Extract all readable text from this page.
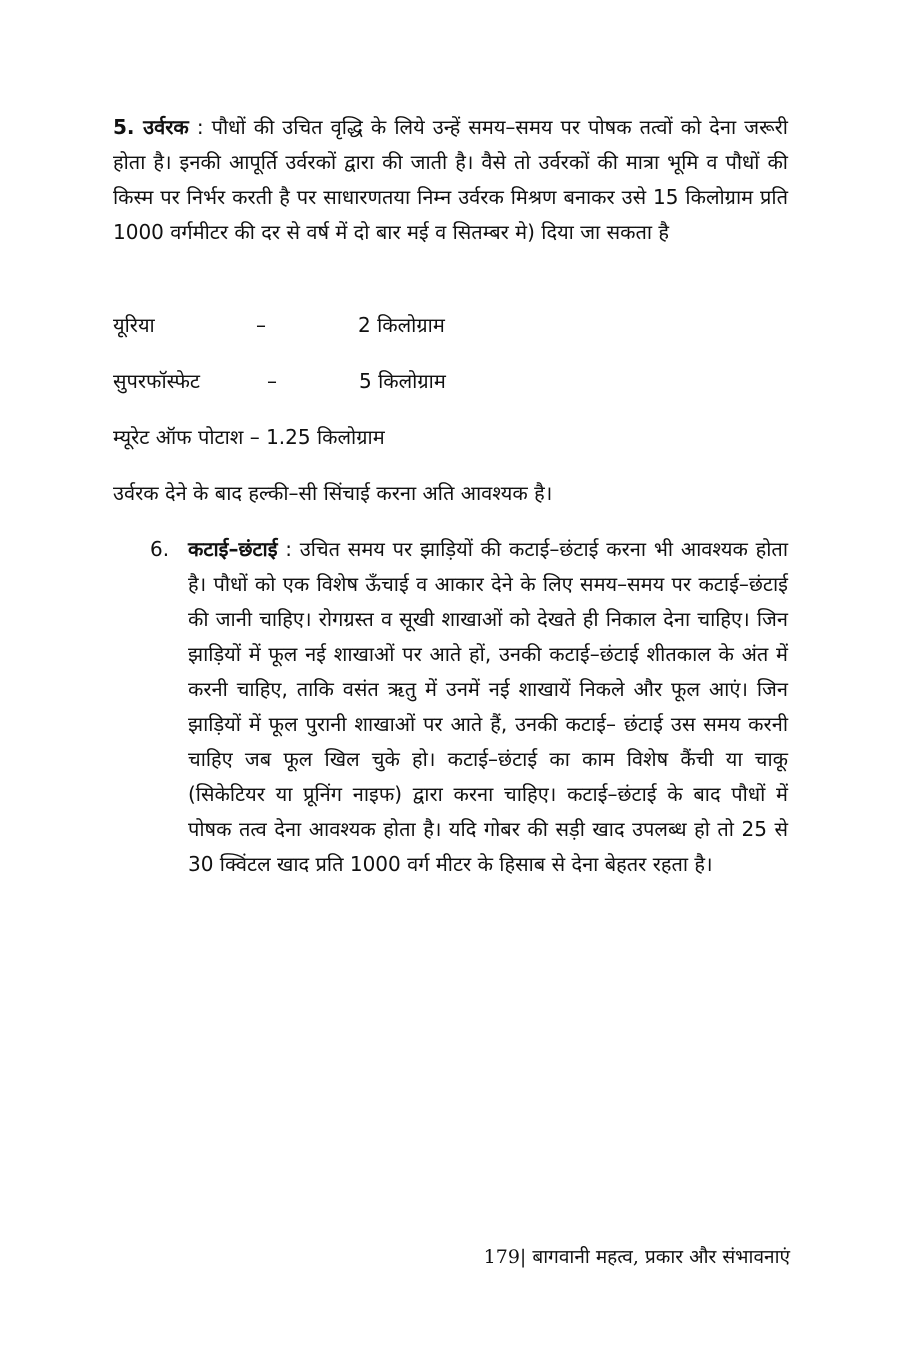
5. उर्वरक : पौधों की उचित वृद्धि के लिये उन्हें समय–समय पर पोषक तत्वों को देना जरूरी होता है। इनकी आपूर्ति उर्वरकों द्वारा की जाती है। वैसे तो उर्वरकों की मात्रा भूमि व पौधों की किस्म पर निर्भर करती है पर साधारणतया निम्न उर्वरक मिश्रण बनाकर उसे 15 किलोग्राम प्रति 1000 वर्गमीटर की दर से वर्ष में दो बार मई व सितम्बर मे) दिया जा सकता है

यूरिया	–	2 किलोग्राम
सुपरफॉस्फेट	–	5 किलोग्राम
म्यूरेट ऑफ पोटाश – 1.25 किलोग्राम

उर्वरक देने के बाद हल्की–सी सिंचाई करना अति आवश्यक है।

6. कटाई–छंटाई : उचित समय पर झाड़ियों की कटाई–छंटाई करना भी आवश्यक होता है। पौधों को एक विशेष ऊँचाई व आकार देने के लिए समय–समय पर कटाई–छंटाई की जानी चाहिए। रोगग्रस्त व सूखी शाखाओं को देखते ही निकाल देना चाहिए। जिन झाड़ियों में फूल नई शाखाओं पर आते हों, उनकी कटाई–छंटाई शीतकाल के अंत में करनी चाहिए, ताकि वसंत ऋतु में उनमें नई शाखायें निकले और फूल आएं। जिन झाड़ियों में फूल पुरानी शाखाओं पर आते हैं, उनकी कटाई– छंटाई उस समय करनी चाहिए जब फूल खिल चुके हो। कटाई–छंटाई का काम विशेष कैंची या चाकू (सिकेटियर या प्रूनिंग नाइफ) द्वारा करना चाहिए। कटाई–छंटाई के बाद पौधों में पोषक तत्व देना आवश्यक होता है। यदि गोबर की सड़ी खाद उपलब्ध हो तो 25 से 30 क्विंटल खाद प्रति 1000 वर्ग मीटर के हिसाब से देना बेहतर रहता है।

179| बागवानी महत्व, प्रकार और संभावनाएं
